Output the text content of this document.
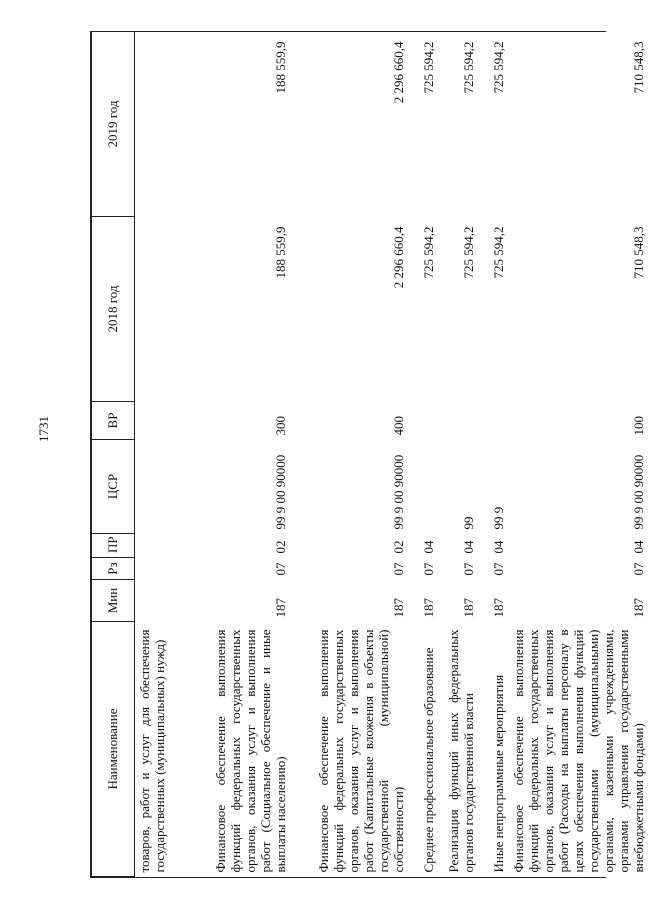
1731
Наименование	Мин	Рз	ПР	ЦСР	ВР	2018 год	2019 год
товаров, работ и услуг для обеспечения государственных (муниципальных) нужд)							
Финансовое обеспечение выполнения функций федеральных государственных органов, оказания услуг и выполнения работ (Социальное обеспечение и иные выплаты населению)	187	07	02	99 9 00 90000	300	188 559,9	188 559,9
Финансовое обеспечение выполнения функций федеральных государственных органов, оказания услуг и выполнения работ (Капитальные вложения в объекты государственной (муниципальной) собственности)	187	07	02	99 9 00 90000	400	2 296 660,4	2 296 660,4
Среднее профессиональное образование	187	07	04			725 594,2	725 594,2
Реализация функций иных федеральных органов государственной власти	187	07	04	99		725 594,2	725 594,2
Иные непрограммные мероприятия	187	07	04	99 9		725 594,2	725 594,2
Финансовое обеспечение выполнения функций федеральных государственных органов, оказания услуг и выполнения работ (Расходы на выплаты персоналу в целях обеспечения выполнения функций государственными (муниципальными) органами, казенными учреждениями, органами управления государственными внебюджетными фондами)	187	07	04	99 9 00 90000	100	710 548,3	710 548,3
